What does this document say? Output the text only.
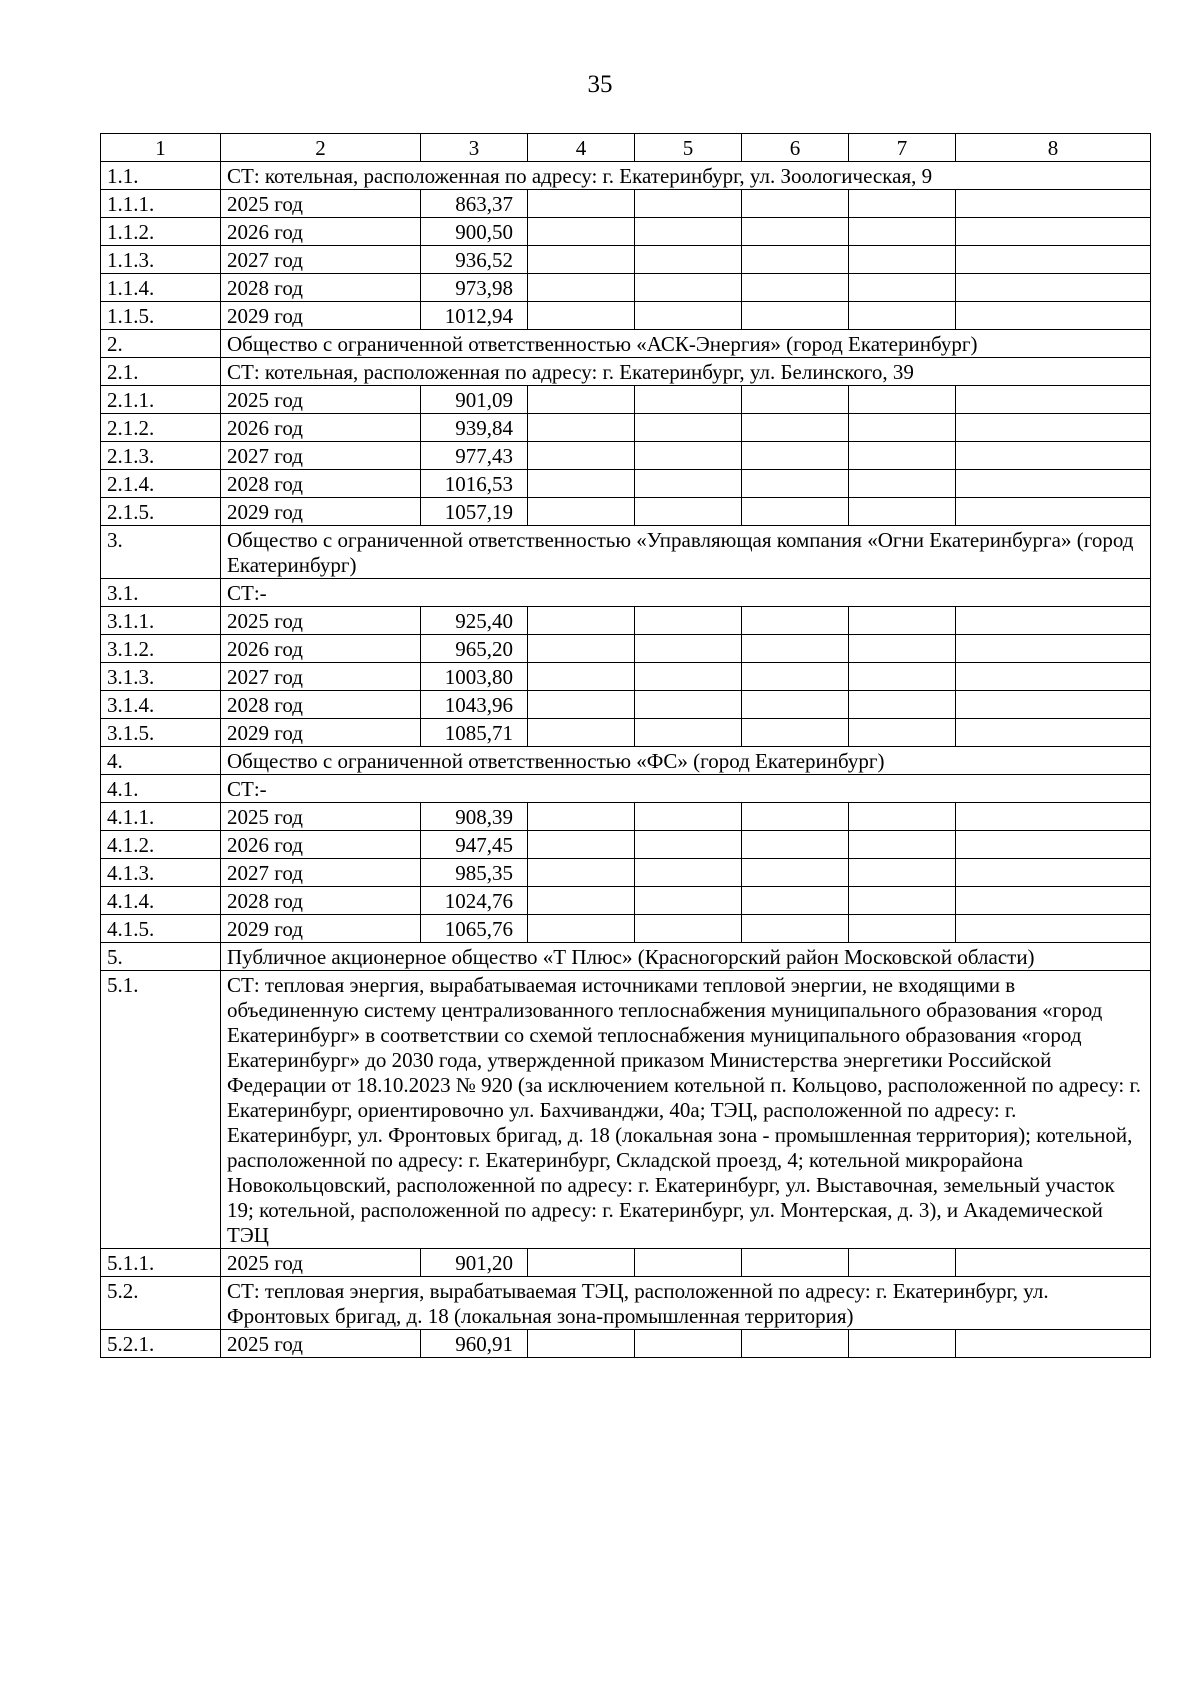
35
1	2	3	4	5	6	7	8
1.1.	СТ: котельная, расположенная по адресу: г. Екатеринбург, ул. Зоологическая, 9						
1.1.1.	2025 год	863,37					
1.1.2.	2026 год	900,50					
1.1.3.	2027 год	936,52					
1.1.4.	2028 год	973,98					
1.1.5.	2029 год	1012,94					
2.	Общество с ограниченной ответственностью «АСК-Энергия» (город Екатеринбург)						
2.1.	СТ: котельная, расположенная по адресу: г. Екатеринбург, ул. Белинского, 39						
2.1.1.	2025 год	901,09					
2.1.2.	2026 год	939,84					
2.1.3.	2027 год	977,43					
2.1.4.	2028 год	1016,53					
2.1.5.	2029 год	1057,19					
3.	Общество с ограниченной ответственностью «Управляющая компания «Огни Екатеринбурга» (город Екатеринбург)						
3.1.	СТ:-						
3.1.1.	2025 год	925,40					
3.1.2.	2026 год	965,20					
3.1.3.	2027 год	1003,80					
3.1.4.	2028 год	1043,96					
3.1.5.	2029 год	1085,71					
4.	Общество с ограниченной ответственностью «ФС» (город Екатеринбург)						
4.1.	СТ:-						
4.1.1.	2025 год	908,39					
4.1.2.	2026 год	947,45					
4.1.3.	2027 год	985,35					
4.1.4.	2028 год	1024,76					
4.1.5.	2029 год	1065,76					
5.	Публичное акционерное общество «Т Плюс» (Красногорский район Московской области)						
5.1.	СТ: тепловая энергия, вырабатываемая источниками тепловой энергии, не входящими в объединенную систему централизованного теплоснабжения муниципального образования «город Екатеринбург» в соответствии со схемой теплоснабжения муниципального образования «город Екатеринбург» до 2030 года, утвержденной приказом Министерства энергетики Российской Федерации от 18.10.2023 № 920 (за исключением котельной п. Кольцово, расположенной по адресу: г. Екатеринбург, ориентировочно ул. Бахчиванджи, 40а; ТЭЦ, расположенной по адресу: г. Екатеринбург, ул. Фронтовых бригад, д. 18 (локальная зона - промышленная территория); котельной, расположенной по адресу: г. Екатеринбург, Складской проезд, 4; котельной микрорайона Новокольцовский, расположенной по адресу: г. Екатеринбург, ул. Выставочная, земельный участок 19; котельной, расположенной по адресу: г. Екатеринбург, ул. Монтерская, д. 3), и Академической ТЭЦ						
5.1.1.	2025 год	901,20					
5.2.	СТ: тепловая энергия, вырабатываемая ТЭЦ, расположенной по адресу: г. Екатеринбург, ул. Фронтовых бригад, д. 18 (локальная зона-промышленная территория)						
5.2.1.	2025 год	960,91					
